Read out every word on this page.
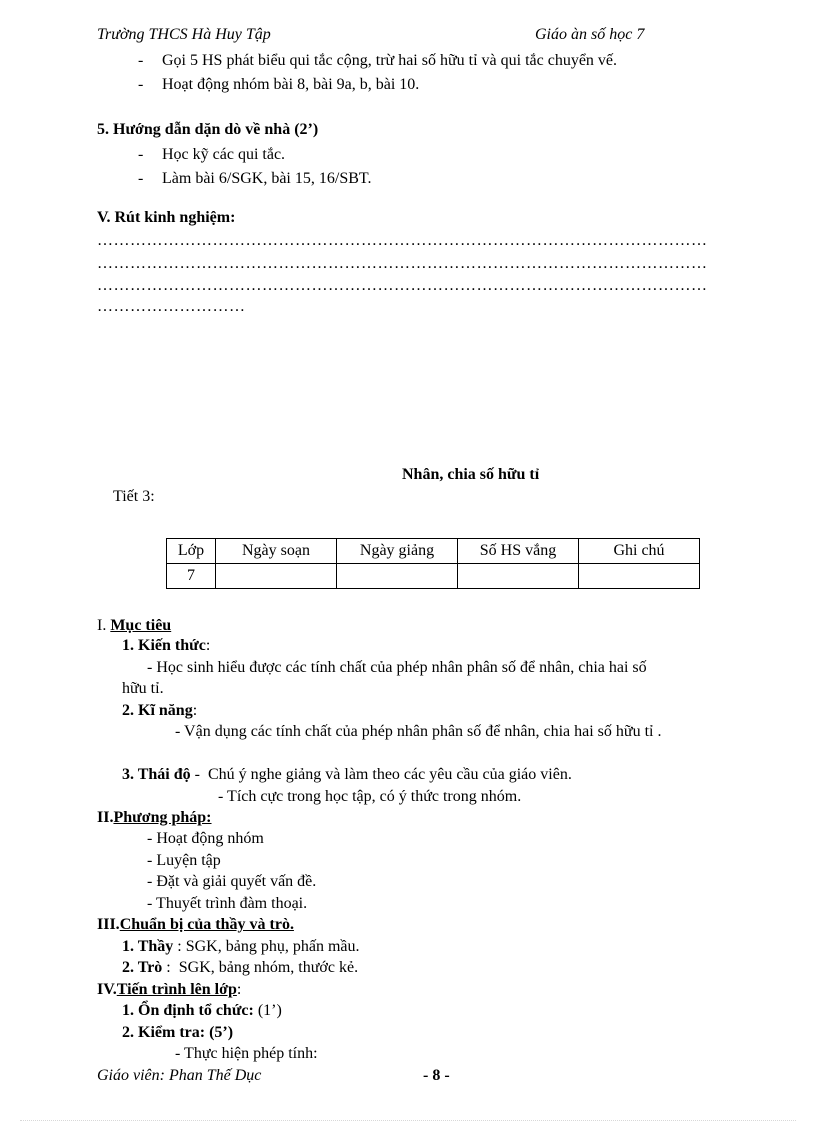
Trường THCS Hà Huy Tập	Giáo àn số học 7
- Gọi 5 HS phát biểu qui tắc cộng, trừ hai số hữu tỉ và qui tắc chuyển vế.
- Hoạt động nhóm bài 8, bài 9a, b, bài 10.
5. Hướng dẫn dặn dò về nhà (2’)
- Học kỹ các qui tắc.
- Làm bài 6/SGK, bài 15, 16/SBT.
V. Rút kinh nghiệm:
…………………………………………………………………………………………………
…………………………………………………………………………………………………
…………………………………………………………………………………………………
………………………
Nhân, chia số hữu tỉ
Tiết 3:
Lớp	Ngày soạn	Ngày giảng	Số HS vắng	Ghi chú
7				
I. Mục tiêu
1. Kiến thức:
- Học sinh hiểu được các tính chất của phép nhân phân số để nhân, chia hai số
hữu tỉ.
2. Kĩ năng:
- Vận dụng các tính chất của phép nhân phân số để nhân, chia hai số hữu tỉ .
3. Thái độ -  Chú ý nghe giảng và làm theo các yêu cầu của giáo viên.
- Tích cực trong học tập, có ý thức trong nhóm.
II.Phương pháp:
- Hoạt động nhóm
- Luyện tập
- Đặt và giải quyết vấn đề.
- Thuyết trình đàm thoại.
III.Chuẩn bị của thầy và trò.
1. Thầy : SGK, bảng phụ, phấn mầu.
2. Trò :  SGK, bảng nhóm, thước kẻ.
IV.Tiến trình lên lớp:
1. Ổn định tổ chức: (1’)
2. Kiểm tra: (5’)
- Thực hiện phép tính:
Giáo viên: Phan Thế Dục	- 8 -
